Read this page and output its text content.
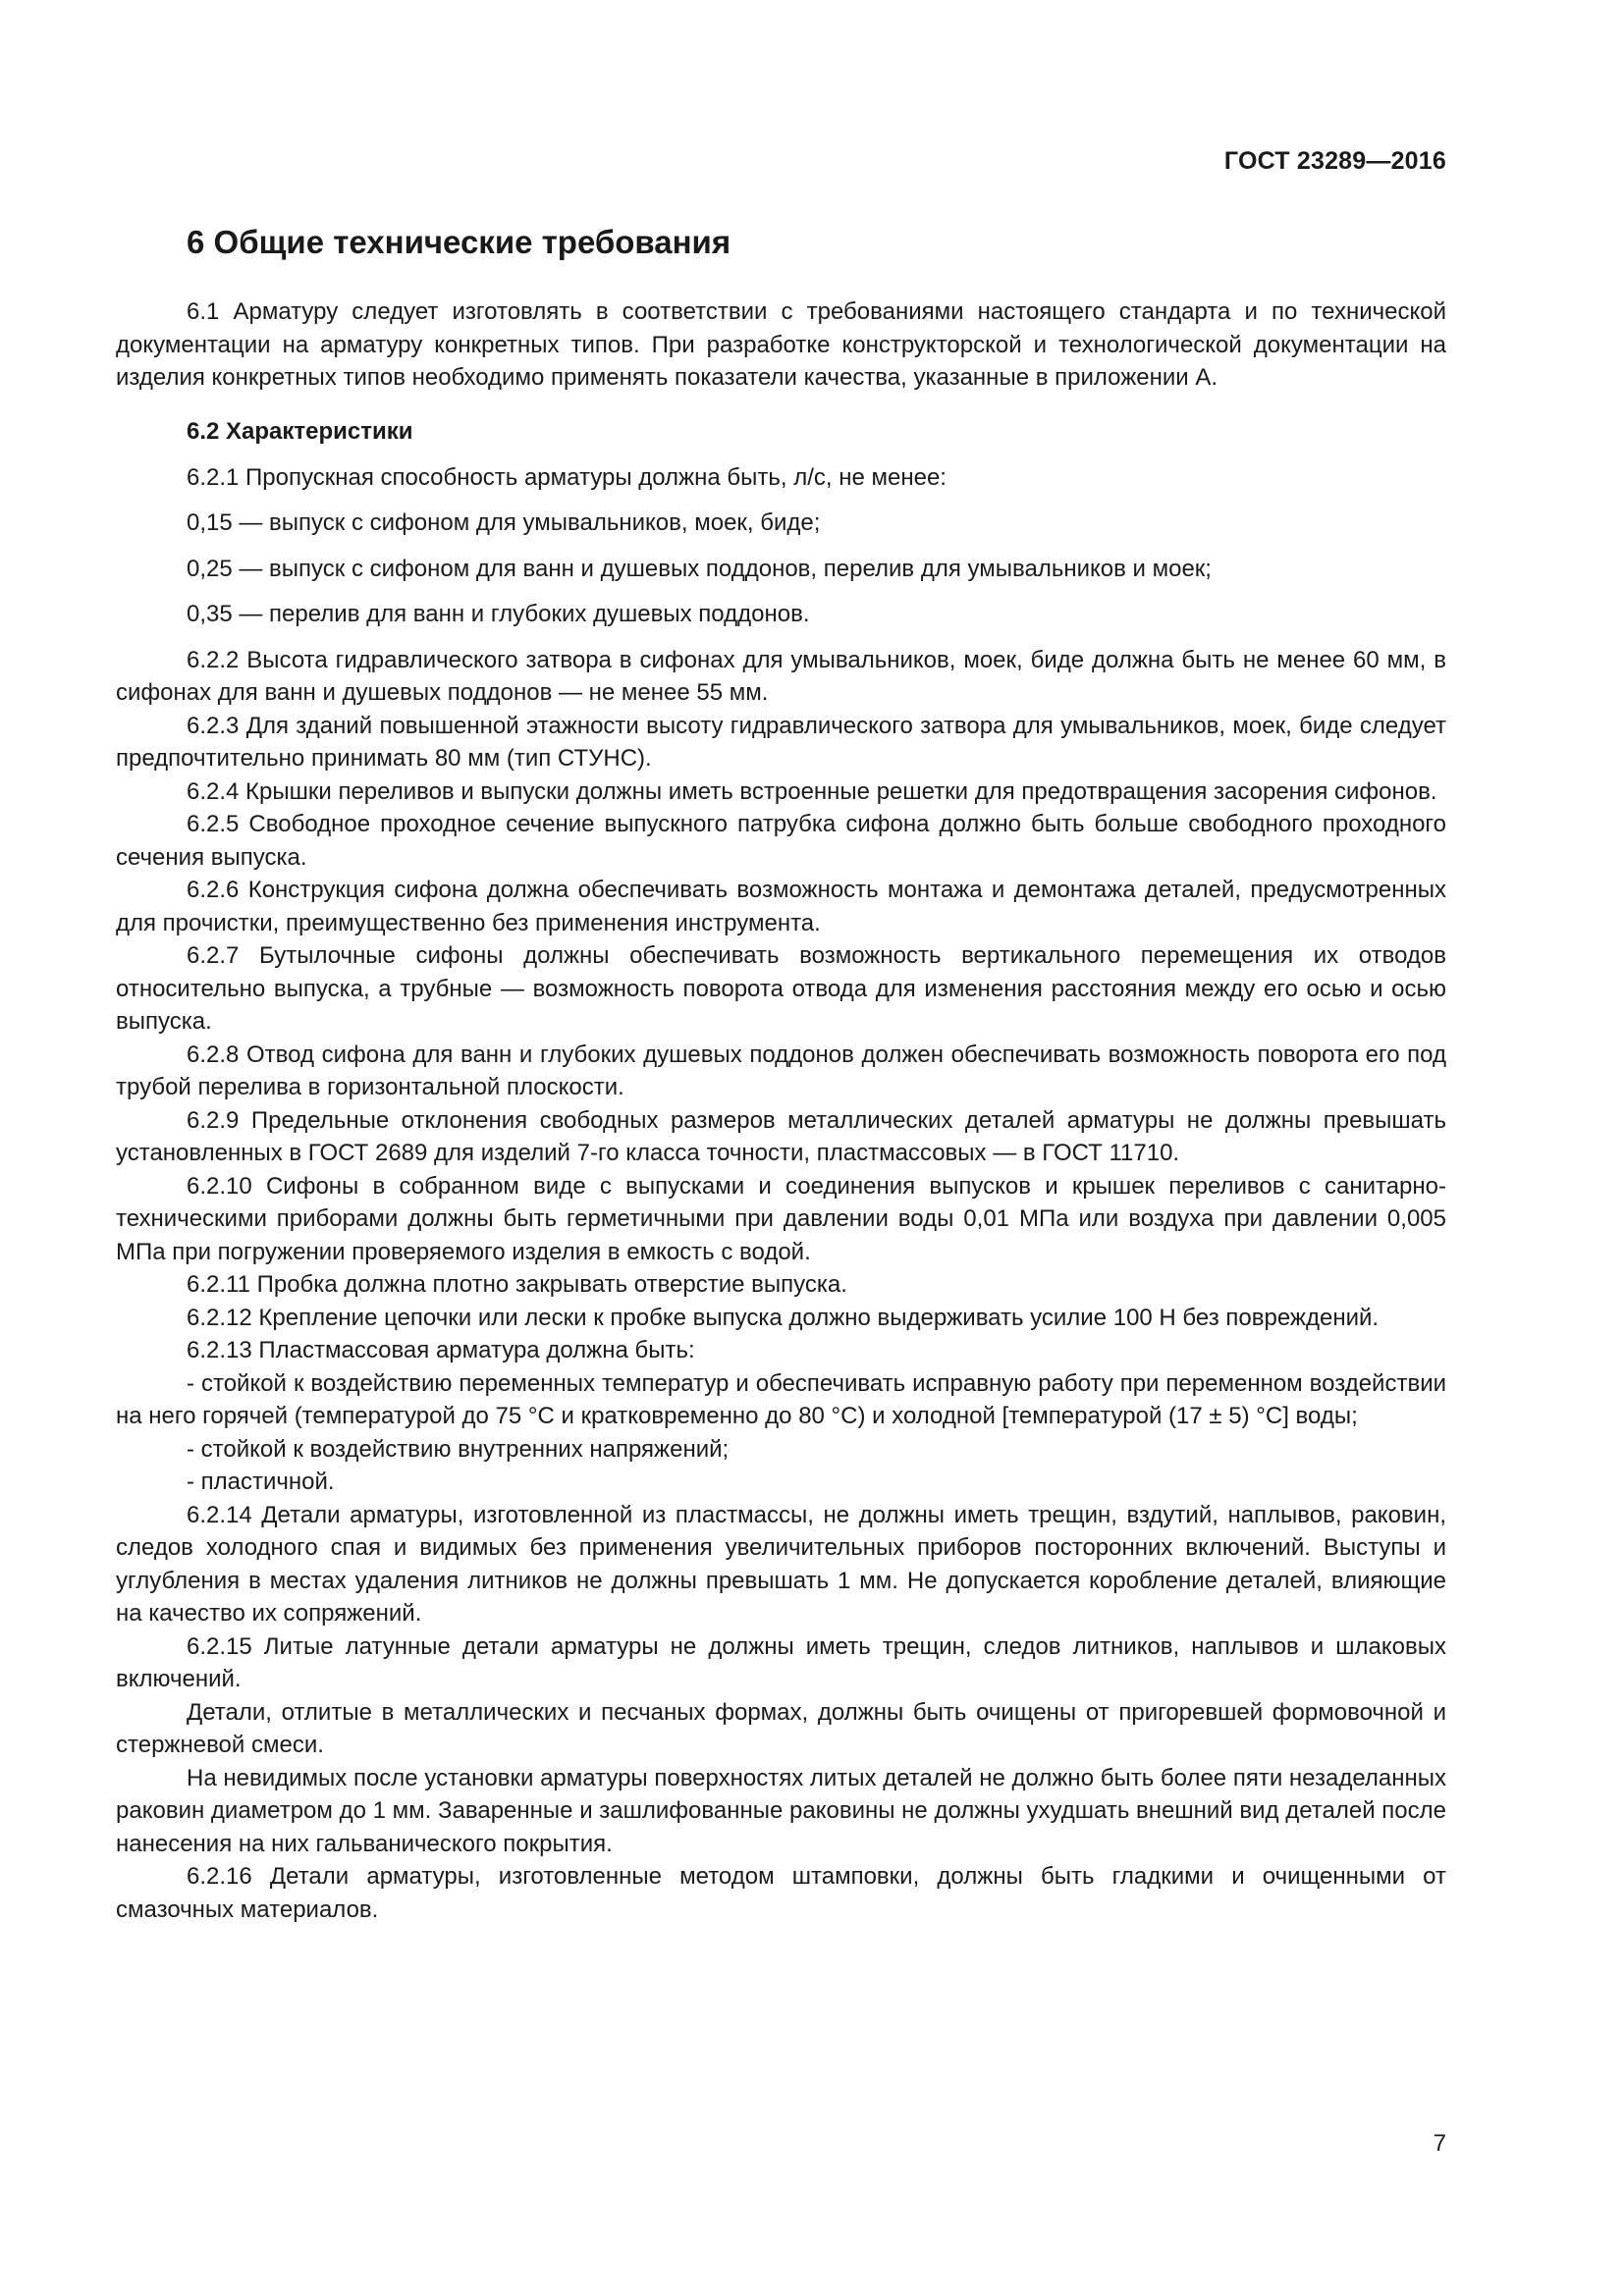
ГОСТ 23289—2016
6 Общие технические требования

6.1 Арматуру следует изготовлять в соответствии с требованиями настоящего стандарта и по технической документации на арматуру конкретных типов. При разработке конструкторской и технологической документации на изделия конкретных типов необходимо применять показатели качества, указанные в приложении А.

6.2 Характеристики

6.2.1 Пропускная способность арматуры должна быть, л/с, не менее:

0,15 — выпуск с сифоном для умывальников, моек, биде;

0,25 — выпуск с сифоном для ванн и душевых поддонов, перелив для умывальников и моек;

0,35 — перелив для ванн и глубоких душевых поддонов.

6.2.2 Высота гидравлического затвора в сифонах для умывальников, моек, биде должна быть не менее 60 мм, в сифонах для ванн и душевых поддонов — не менее 55 мм.

6.2.3 Для зданий повышенной этажности высоту гидравлического затвора для умывальников, моек, биде следует предпочтительно принимать 80 мм (тип СТУНС).

6.2.4 Крышки переливов и выпуски должны иметь встроенные решетки для предотвращения засорения сифонов.

6.2.5 Свободное проходное сечение выпускного патрубка сифона должно быть больше свободного проходного сечения выпуска.

6.2.6 Конструкция сифона должна обеспечивать возможность монтажа и демонтажа деталей, предусмотренных для прочистки, преимущественно без применения инструмента.

6.2.7 Бутылочные сифоны должны обеспечивать возможность вертикального перемещения их отводов относительно выпуска, а трубные — возможность поворота отвода для изменения расстояния между его осью и осью выпуска.

6.2.8 Отвод сифона для ванн и глубоких душевых поддонов должен обеспечивать возможность поворота его под трубой перелива в горизонтальной плоскости.

6.2.9 Предельные отклонения свободных размеров металлических деталей арматуры не должны превышать установленных в ГОСТ 2689 для изделий 7-го класса точности, пластмассовых — в ГОСТ 11710.

6.2.10 Сифоны в собранном виде с выпусками и соединения выпусков и крышек переливов с санитарно-техническими приборами должны быть герметичными при давлении воды 0,01 МПа или воздуха при давлении 0,005 МПа при погружении проверяемого изделия в емкость с водой.

6.2.11 Пробка должна плотно закрывать отверстие выпуска.

6.2.12 Крепление цепочки или лески к пробке выпуска должно выдерживать усилие 100 Н без повреждений.

6.2.13 Пластмассовая арматура должна быть:

- стойкой к воздействию переменных температур и обеспечивать исправную работу при переменном воздействии на него горячей (температурой до 75 °С и кратковременно до 80 °С) и холодной [температурой (17 ± 5) °С] воды;

- стойкой к воздействию внутренних напряжений;

- пластичной.

6.2.14 Детали арматуры, изготовленной из пластмассы, не должны иметь трещин, вздутий, наплывов, раковин, следов холодного спая и видимых без применения увеличительных приборов посторонних включений. Выступы и углубления в местах удаления литников не должны превышать 1 мм. Не допускается коробление деталей, влияющие на качество их сопряжений.

6.2.15 Литые латунные детали арматуры не должны иметь трещин, следов литников, наплывов и шлаковых включений.

Детали, отлитые в металлических и песчаных формах, должны быть очищены от пригоревшей формовочной и стержневой смеси.

На невидимых после установки арматуры поверхностях литых деталей не должно быть более пяти незаделанных раковин диаметром до 1 мм. Заваренные и зашлифованные раковины не должны ухудшать внешний вид деталей после нанесения на них гальванического покрытия.

6.2.16 Детали арматуры, изготовленные методом штамповки, должны быть гладкими и очищенными от смазочных материалов.

7
